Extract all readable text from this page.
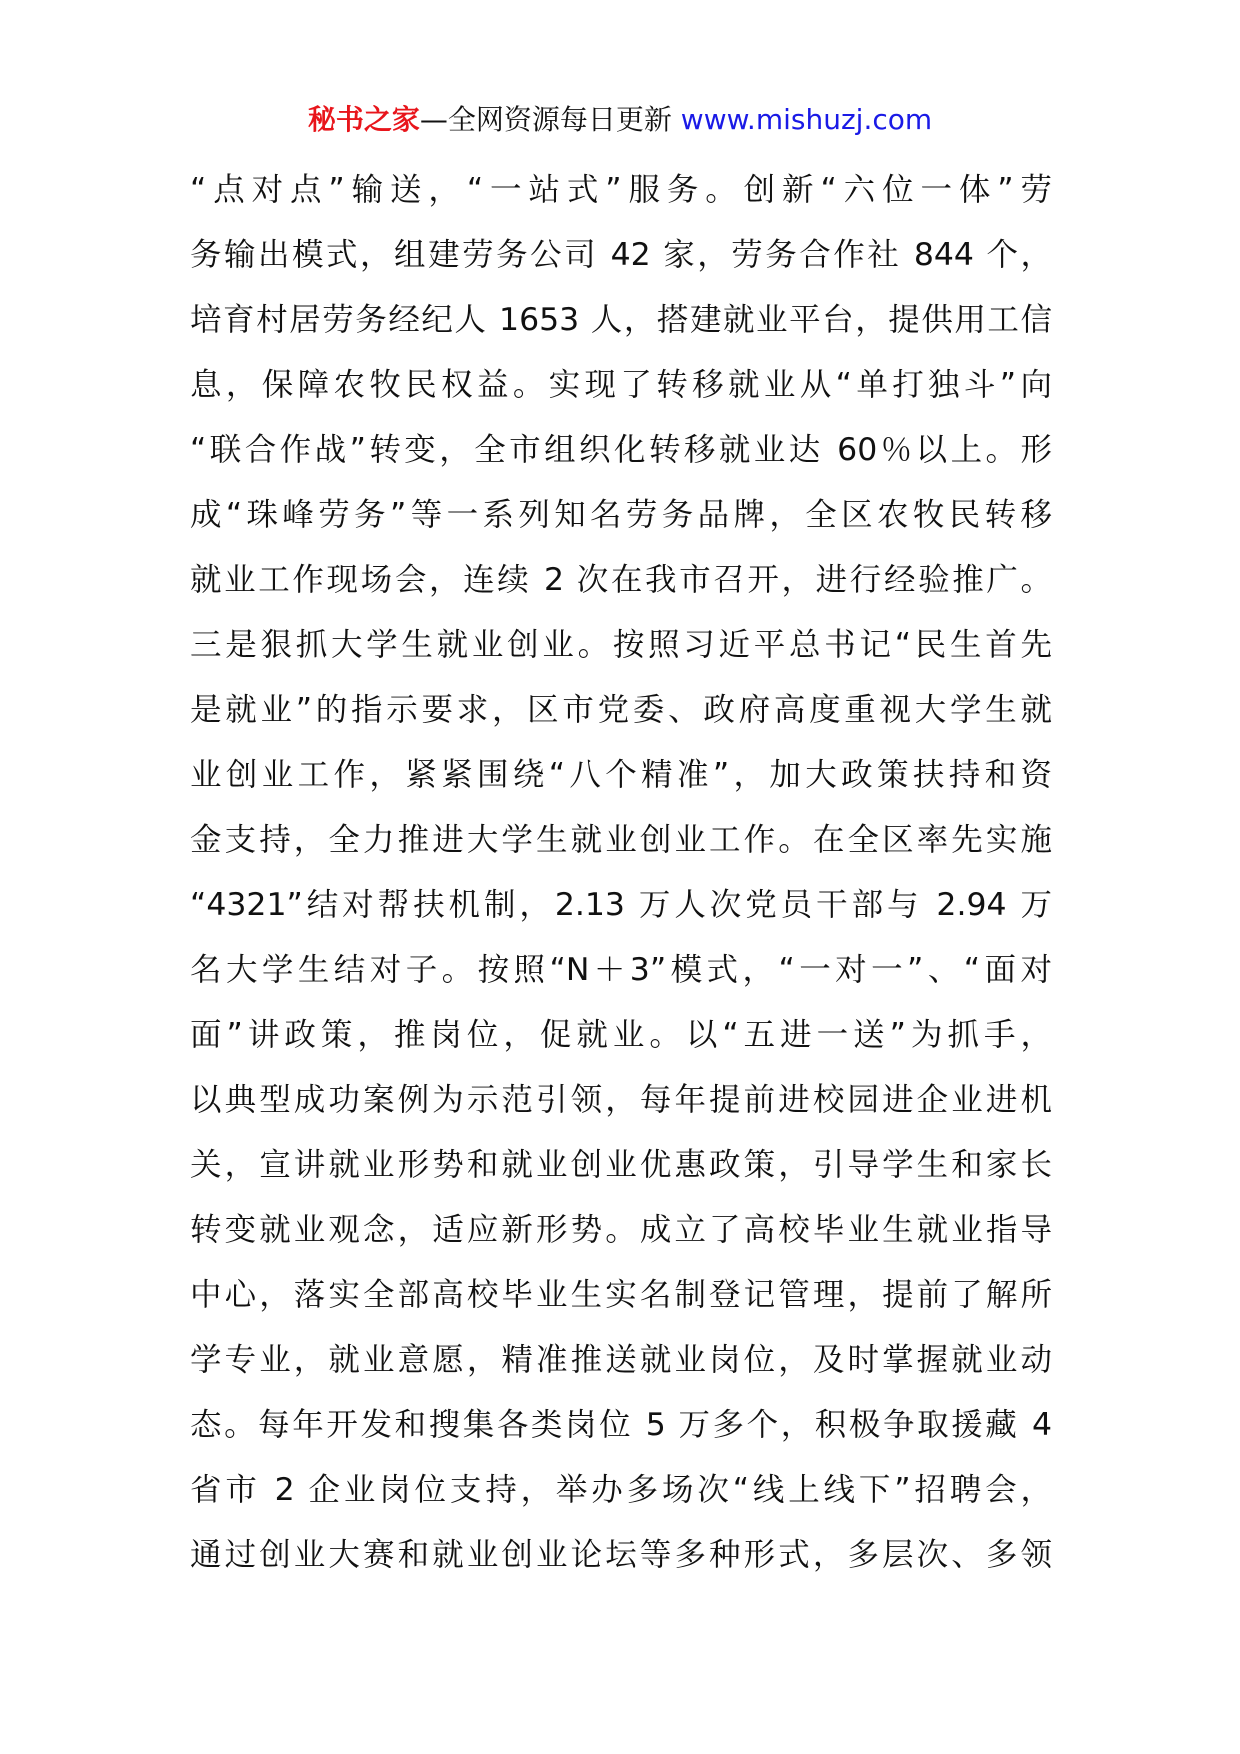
秘书之家—全网资源每日更新 www.mishuzj.com
“点对点”输送，“一站式”服务。创新“六位一体”劳
务输出模式，组建劳务公司 42 家，劳务合作社 844 个，
培育村居劳务经纪人 1653 人，搭建就业平台，提供用工信
息，保障农牧民权益。实现了转移就业从“单打独斗”向
“联合作战”转变，全市组织化转移就业达 60％以上。形
成“珠峰劳务”等一系列知名劳务品牌，全区农牧民转移
就业工作现场会，连续 2 次在我市召开，进行经验推广。
三是狠抓大学生就业创业。按照习近平总书记“民生首先
是就业”的指示要求，区市党委、政府高度重视大学生就
业创业工作，紧紧围绕“八个精准”，加大政策扶持和资
金支持，全力推进大学生就业创业工作。在全区率先实施
“4321”结对帮扶机制，2.13 万人次党员干部与 2.94 万
名大学生结对子。按照“N＋3”模式，“一对一”、“面对
面”讲政策，推岗位，促就业。以“五进一送”为抓手，
以典型成功案例为示范引领，每年提前进校园进企业进机
关，宣讲就业形势和就业创业优惠政策，引导学生和家长
转变就业观念，适应新形势。成立了高校毕业生就业指导
中心，落实全部高校毕业生实名制登记管理，提前了解所
学专业，就业意愿，精准推送就业岗位，及时掌握就业动
态。每年开发和搜集各类岗位 5 万多个，积极争取援藏 4
省市 2 企业岗位支持，举办多场次“线上线下”招聘会，
通过创业大赛和就业创业论坛等多种形式，多层次、多领
